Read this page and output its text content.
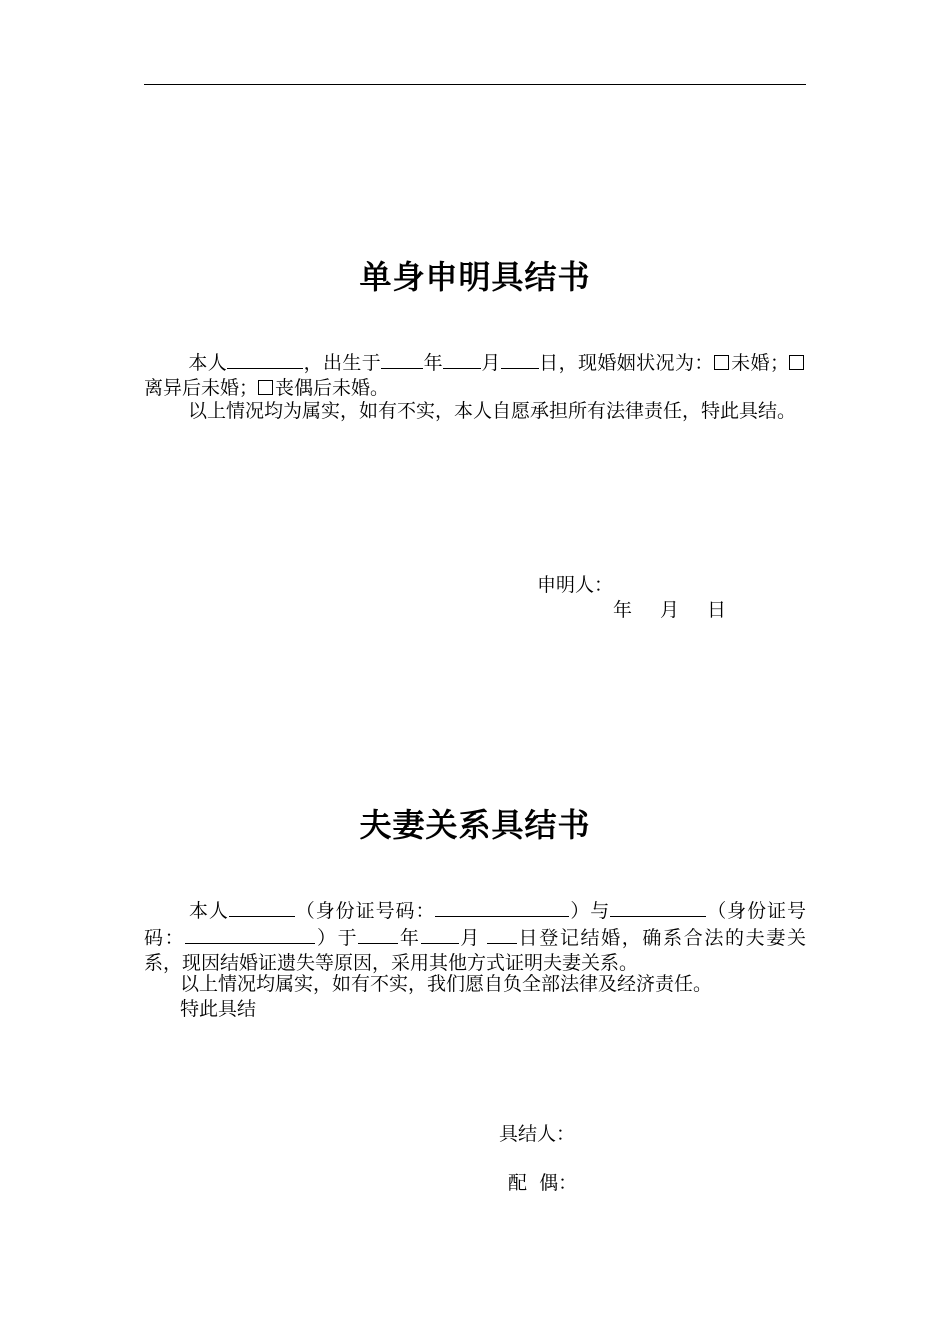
单身申明具结书

本人	，出生于 年 月 日，现婚姻状况为： 未婚；离异后未婚； 丧偶后未婚。

以上情况均为属实，如有不实，本人自愿承担所有法律责任，特此具结。

申明人：

年 月 日
夫妻关系具结书

本人	（身份证号码：	）与	（身份证号码：	）于 年 月 日登记结婚，确系合法的夫妻关系，现因结婚证遗失等原因，采用其他方式证明夫妻关系。

以上情况均属实，如有不实，我们愿自负全部法律及经济责任。

特此具结

具结人：

配  偶：
